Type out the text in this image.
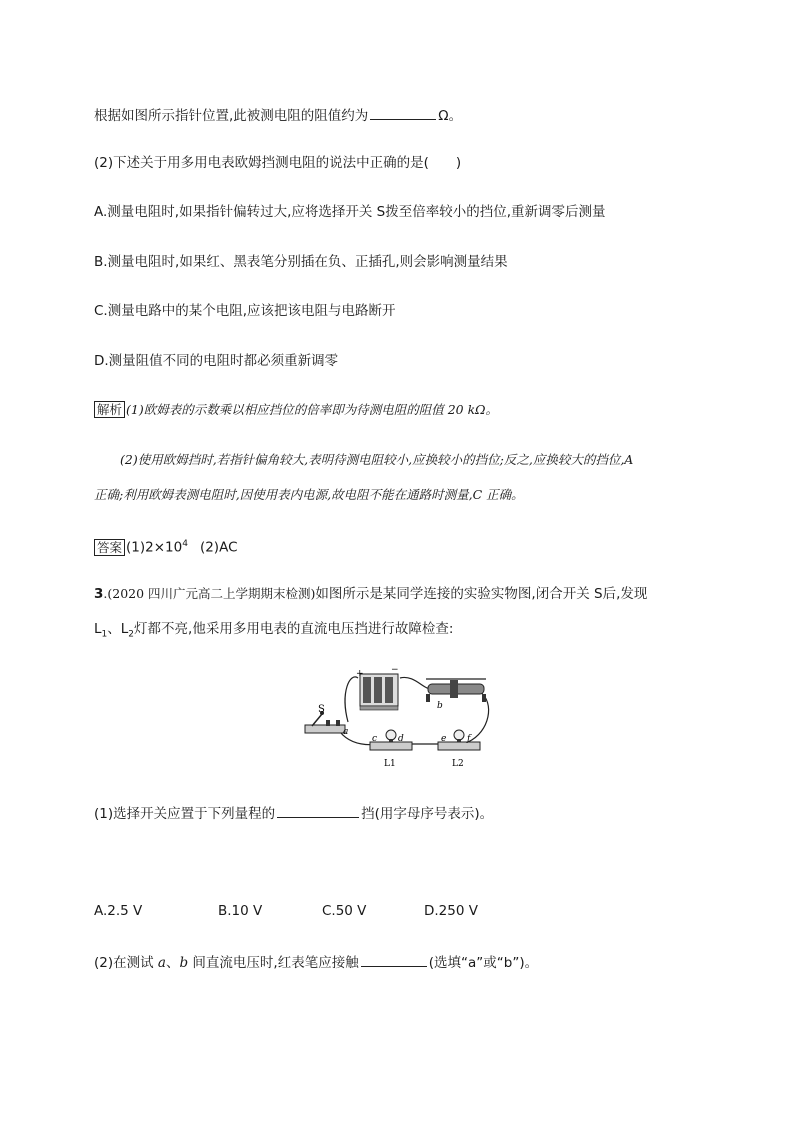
根据如图所示指针位置,此被测电阻的阻值约为	Ω。
(2)下述关于用多用电表欧姆挡测电阻的说法中正确的是(　　)
A.测量电阻时,如果指针偏转过大,应将选择开关 S拨至倍率较小的挡位,重新调零后测量
B.测量电阻时,如果红、黑表笔分别插在负、正插孔,则会影响测量结果
C.测量电路中的某个电阻,应该把该电阻与电路断开
D.测量阻值不同的电阻时都必须重新调零
解析 (1)欧姆表的示数乘以相应挡位的倍率即为待测电阻的阻值 20 kΩ。
(2)使用欧姆挡时,若指针偏角较大,表明待测电阻较小,应换较小的挡位;反之,应换较大的挡位,A
正确;利用欧姆表测电阻时,因使用表内电源,故电阻不能在通路时测量,C 正确。
答案 $(1)2\times 10^4$ (2)AC
3.(2020 四川广元高二上学期期末检测)如图所示是某同学连接的实验实物图,闭合开关 S后,发现
$L_1$、$L_2$灯都不亮,他采用多用电表的直流电压挡进行故障检查:
+	−
S
a
b
c d	e f
L1	L2
(1)选择开关应置于下列量程的	挡(用字母序号表示)。
A.2.5 V	B.10 V	C.50 V	D.250 V
(2)在测试 a、b 间直流电压时,红表笔应接触	(选填“a”或“b”)。
